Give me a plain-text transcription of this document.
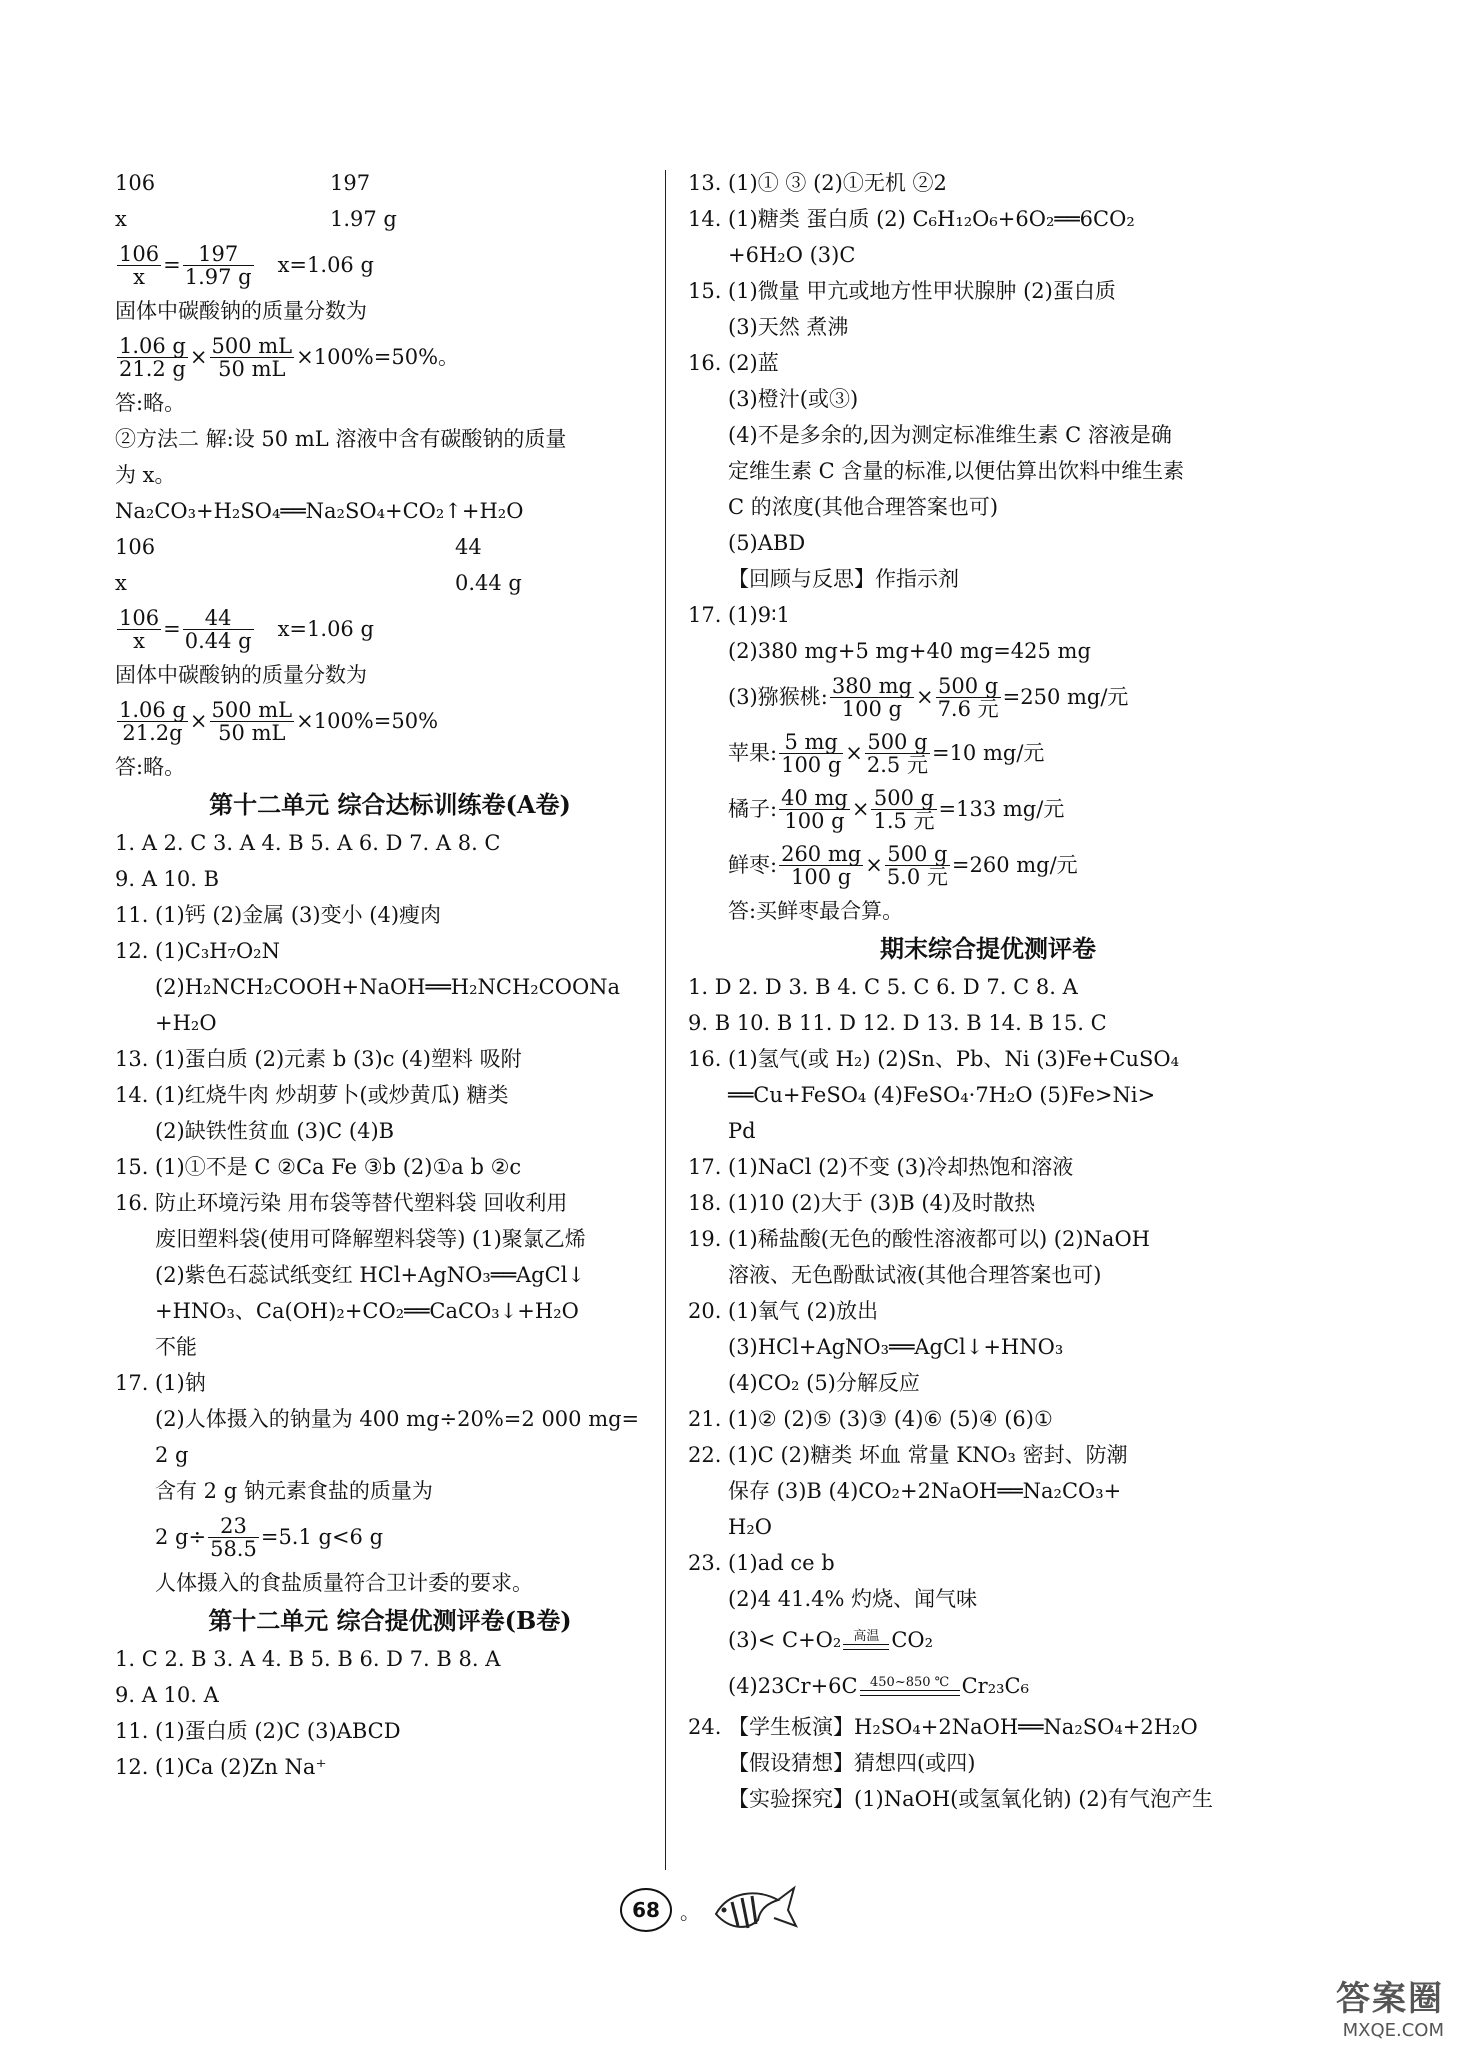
106	197
x	1.97 g
$\frac{106}{x} = \frac{197}{1.97 g} x=1.06$ g
固体中碳酸钠的质量分数为
$\frac{1.06 g}{21.2 g} \times \frac{500 mL}{50 mL} \times 100\%=50\%$。
答:略。
②方法二 解:设 50 mL 溶液中含有碳酸钠的质量
为 x。
Na₂CO₃+H₂SO₄══Na₂SO₄+CO₂↑+H₂O
106	44
x	0.44 g
$\frac{106}{x} = \frac{44}{0.44 g} x=1.06$ g
固体中碳酸钠的质量分数为
$\frac{1.06 g}{21.2g} \times \frac{500 mL}{50 mL} \times 100\%=50\%$
答:略。
第十二单元 综合达标训练卷(A卷)
1. A 2. C 3. A 4. B 5. A 6. D 7. A 8. C
9. A 10. B
11. (1)钙 (2)金属 (3)变小 (4)瘦肉
12. (1)C₃H₇O₂N
(2)H₂NCH₂COOH+NaOH══H₂NCH₂COONa
+H₂O
13. (1)蛋白质 (2)元素 b (3)c (4)塑料 吸附
14. (1)红烧牛肉 炒胡萝卜(或炒黄瓜) 糖类
(2)缺铁性贫血 (3)C (4)B
15. (1)①不是 C ②Ca Fe ③b (2)①a b ②c
16. 防止环境污染 用布袋等替代塑料袋 回收利用
废旧塑料袋(使用可降解塑料袋等) (1)聚氯乙烯
(2)紫色石蕊试纸变红 HCl+AgNO₃══AgCl↓
+HNO₃、Ca(OH)₂+CO₂══CaCO₃↓+H₂O
不能
17. (1)钠
(2)人体摄入的钠量为 400 mg÷20%=2 000 mg=
2 g
含有 2 g 钠元素食盐的质量为
2 $g\div \frac{23}{58.5} =5.1$ g<6 g
人体摄入的食盐质量符合卫计委的要求。
第十二单元 综合提优测评卷(B卷)
1. C 2. B 3. A 4. B 5. B 6. D 7. B 8. A
9. A 10. A
11. (1)蛋白质 (2)C (3)ABCD
12. (1)Ca (2)Zn Na⁺
13. (1)① ③ (2)①无机 ②2
14. (1)糖类 蛋白质 (2) C₆H₁₂O₆+6O₂══6CO₂
+6H₂O (3)C
15. (1)微量 甲亢或地方性甲状腺肿 (2)蛋白质
(3)天然 煮沸
16. (2)蓝
(3)橙汁(或③)
(4)不是多余的,因为测定标准维生素 C 溶液是确
定维生素 C 含量的标准,以便估算出饮料中维生素
C 的浓度(其他合理答案也可)
(5)ABD
【回顾与反思】作指示剂
17. (1)9∶1
(2)380 mg+5 mg+40 mg=425 mg
(3)猕猴桃: $\frac{380 mg}{100 g} \times 500$ g
7.6 元 =250 mg/元
苹果: $\frac{5 mg}{100 g} \times 500$ g
2.5 元 =10 mg/元
橘子: $\frac{40 mg}{100 g} \times 500$ g
1.5 元 =133 mg/元
鲜枣: $\frac{260 mg}{100 g} \times 500$ g
5.0 元 =260 mg/元
答:买鲜枣最合算。
期末综合提优测评卷
1. D 2. D 3. B 4. C 5. C 6. D 7. C 8. A
9. B 10. B 11. D 12. D 13. B 14. B 15. C
16. (1)氢气(或 H₂) (2)Sn、Pb、Ni (3)Fe+CuSO₄
══Cu+FeSO₄ (4)FeSO₄·7H₂O (5)Fe>Ni>
Pd
17. (1)NaCl (2)不变 (3)冷却热饱和溶液
18. (1)10 (2)大于 (3)B (4)及时散热
19. (1)稀盐酸(无色的酸性溶液都可以) (2)NaOH
溶液、无色酚酞试液(其他合理答案也可)
20. (1)氧气 (2)放出
(3)HCl+AgNO₃══AgCl↓+HNO₃
(4)CO₂ (5)分解反应
21. (1)② (2)⑤ (3)③ (4)⑥ (5)④ (6)①
22. (1)C (2)糖类 坏血 常量 KNO₃ 密封、防潮
保存 (3)B (4)CO₂+2NaOH══Na₂CO₃+
H₂O
23. (1)ad ce b
(2)4 41.4% 灼烧、闻气味
(3)< C+O₂ 高温 CO₂
(4)23Cr+6C 450~850 ℃ Cr₂₃C₆
24. 【学生板演】H₂SO₄+2NaOH══Na₂SO₄+2H₂O
【假设猜想】猜想四(或四)
【实验探究】(1)NaOH(或氢氧化钠) (2)有气泡产生
68	。
答案圈
MXQE.COM
